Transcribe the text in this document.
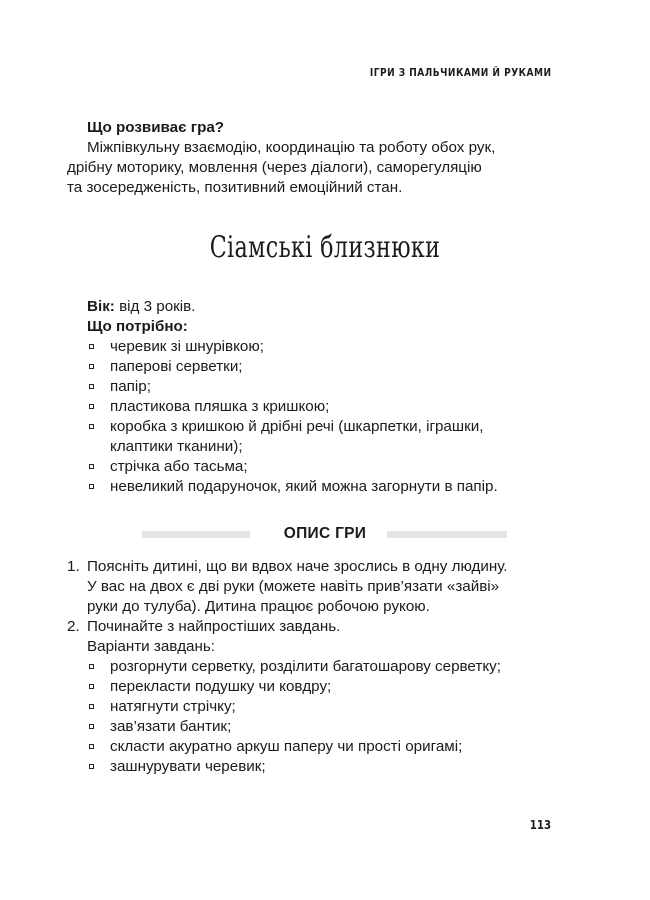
ІГРИ З ПАЛЬЧИКАМИ Й РУКАМИ
Що розвиває гра?
Міжпівкульну взаємодію, координацію та роботу обох рук,
дрібну моторику, мовлення (через діалоги), саморегуляцію
та зосередженість, позитивний емоційний стан.
Сіамські близнюки
Вік: від 3 років.
Що потрібно:
черевик зі шнурівкою;
паперові серветки;
папір;
пластикова пляшка з кришкою;
коробка з кришкою й дрібні речі (шкарпетки, іграшки,
клаптики тканини);
стрічка або тасьма;
невеликий подаруночок, який можна загорнути в папір.
ОПИС ГРИ
1. Поясніть дитині, що ви вдвох наче зрослись в одну людину.
У вас на двох є дві руки (можете навіть прив’язати «зайві»
руки до тулуба). Дитина працює робочою рукою.
2. Починайте з найпростіших завдань.
Варіанти завдань:
розгорнути серветку, розділити багатошарову серветку;
перекласти подушку чи ковдру;
натягнути стрічку;
зав’язати бантик;
скласти акуратно аркуш паперу чи прості оригамі;
зашнурувати черевик;
113
